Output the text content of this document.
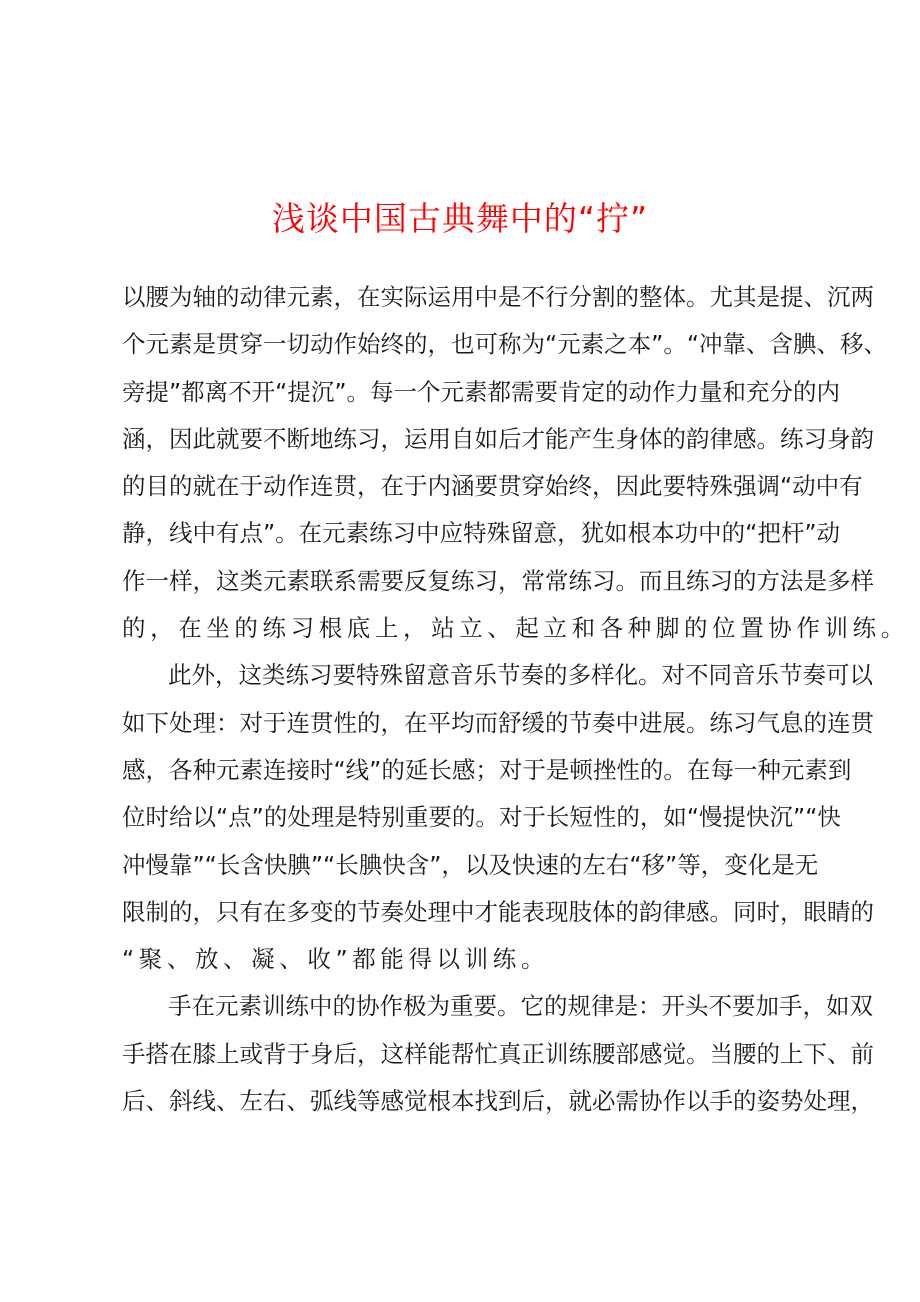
浅谈中国古典舞中的“拧”
以腰为轴的动律元素，在实际运用中是不行分割的整体。尤其是提、沉两
个元素是贯穿一切动作始终的，也可称为“元素之本”。“冲靠、含腆、移、
旁提”都离不开“提沉”。每一个元素都需要肯定的动作力量和充分的内
涵，因此就要不断地练习，运用自如后才能产生身体的韵律感。练习身韵
的目的就在于动作连贯，在于内涵要贯穿始终，因此要特殊强调“动中有
静，线中有点”。在元素练习中应特殊留意，犹如根本功中的“把杆”动
作一样，这类元素联系需要反复练习，常常练习。而且练习的方法是多样
的，在坐的练习根底上，站立、起立和各种脚的位置协作训练。
此外，这类练习要特殊留意音乐节奏的多样化。对不同音乐节奏可以
如下处理：对于连贯性的，在平均而舒缓的节奏中进展。练习气息的连贯
感，各种元素连接时“线”的延长感；对于是顿挫性的。在每一种元素到
位时给以“点”的处理是特别重要的。对于长短性的，如“慢提快沉”“快
冲慢靠”“长含快腆”“长腆快含”，以及快速的左右“移”等，变化是无
限制的，只有在多变的节奏处理中才能表现肢体的韵律感。同时，眼睛的
“聚、放、凝、收”都能得以训练。
手在元素训练中的协作极为重要。它的规律是：开头不要加手，如双
手搭在膝上或背于身后，这样能帮忙真正训练腰部感觉。当腰的上下、前
后、斜线、左右、弧线等感觉根本找到后，就必需协作以手的姿势处理，
